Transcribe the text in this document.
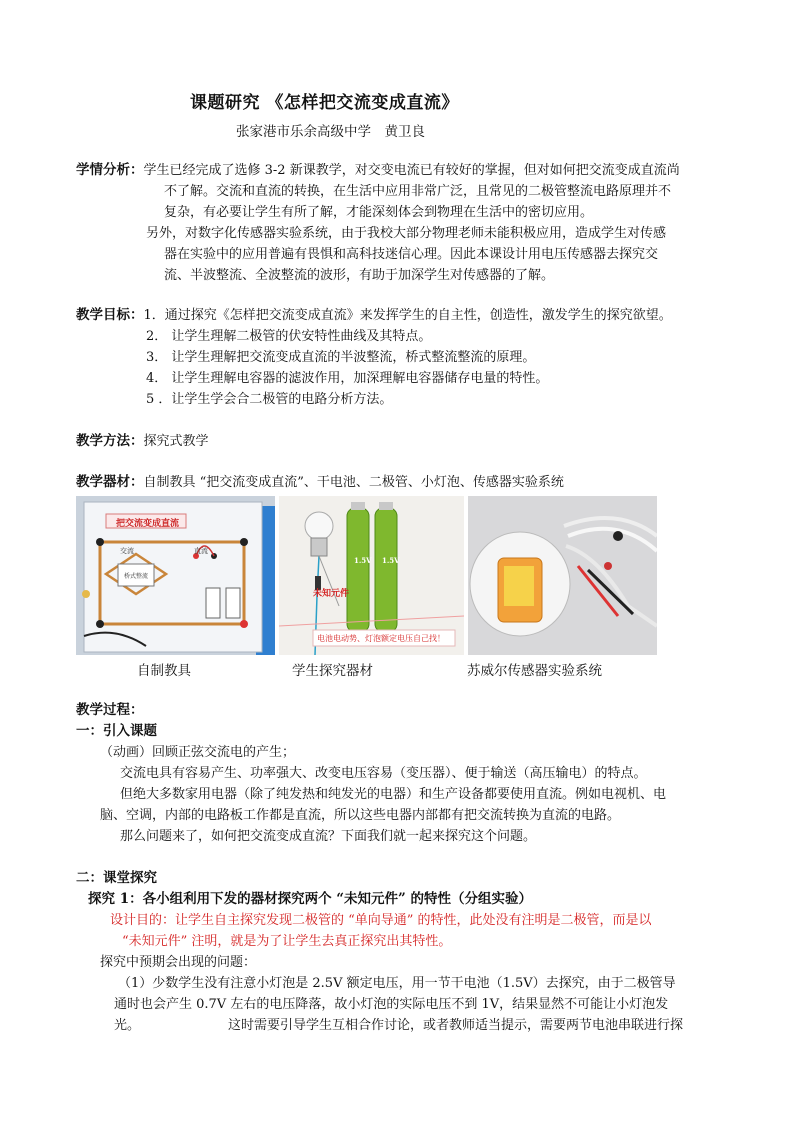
课题研究 《怎样把交流变成直流》
张家港市乐余高级中学　黄卫良
学情分析：学生已经完成了选修 3-2 新课教学，对交变电流已有较好的掌握，但对如何把交流变成直流尚
不了解。交流和直流的转换，在生活中应用非常广泛，且常见的二极管整流电路原理并不
复杂，有必要让学生有所了解，才能深刻体会到物理在生活中的密切应用。
另外，对数字化传感器实验系统，由于我校大部分物理老师未能积极应用，造成学生对传感
器在实验中的应用普遍有畏惧和高科技迷信心理。因此本课设计用电压传感器去探究交
流、半波整流、全波整流的波形，有助于加深学生对传感器的了解。
教学目标：1．通过探究《怎样把交流变成直流》来发挥学生的自主性，创造性，激发学生的探究欲望。
2． 让学生理解二极管的伏安特性曲线及其特点。
3． 让学生理解把交流变成直流的半波整流，桥式整流整流的原理。
4． 让学生理解电容器的滤波作用，加深理解电容器储存电量的特性。
5 ．让学生学会合二极管的电路分析方法。
教学方法：探究式教学
教学器材：自制教具 “把交流变成直流”、干电池、二极管、小灯泡、传感器实验系统
把交流变成直流
交流	直流
桥式整流
自制教具
未知元件
1.5V 1.5V
电池电动势、灯泡额定电压自己找！
学生探究器材	苏威尔传感器实验系统
教学过程：
一：引入课题
（动画）回顾正弦交流电的产生；
交流电具有容易产生、功率强大、改变电压容易（变压器）、便于输送（高压输电）的特点。
但绝大多数家用电器（除了纯发热和纯发光的电器）和生产设备都要使用直流。例如电视机、电
脑、空调，内部的电路板工作都是直流，所以这些电器内部都有把交流转换为直流的电路。
那么问题来了，如何把交流变成直流？下面我们就一起来探究这个问题。
二：课堂探究
探究 1：各小组利用下发的器材探究两个 “未知元件” 的特性（分组实验）
设计目的：让学生自主探究发现二极管的 “单向导通” 的特性，此处没有注明是二极管，而是以
“未知元件” 注明，就是为了让学生去真正探究出其特性。
探究中预期会出现的问题：
（1）少数学生没有注意小灯泡是 2.5V 额定电压，用一节干电池（1.5V）去探究，由于二极管导
通时也会产生 0.7V 左右的电压降落，故小灯泡的实际电压不到 1V，结果显然不可能让小灯泡发
光。	这时需要引导学生互相合作讨论，或者教师适当提示，需要两节电池串联进行探
